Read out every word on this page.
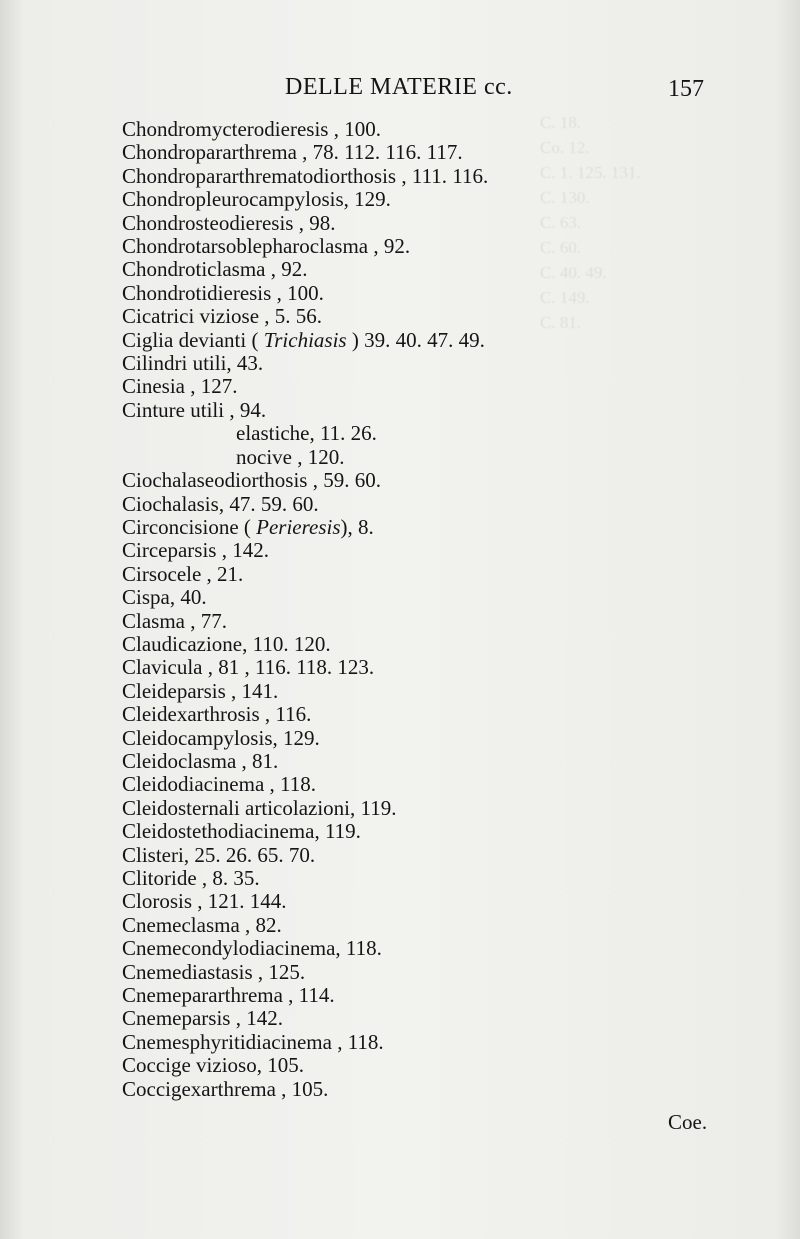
C. 18.
Co. 12.
C. 1. 125. 131.
C. 130.
C. 63.
C. 60.
C. 40. 49.
C. 149.
C. 81.
DELLE MATERIE cc.	157
Chondromyсterodieresis , 100.
Chondropararthrema , 78. 112. 116. 117.
Chondropararthrematodiorthosis , 111. 116.
Chondropleurocampylosis, 129.
Chondrosteodieresis , 98.
Chondrotarsoblepharoclasma , 92.
Chondroticlasma , 92.
Chondrotidieresis , 100.
Cicatrici viziose , 5. 56.
Ciglia devianti ( Trichiasis ) 39. 40. 47. 49.
Cilindri utili, 43.
Cinesia , 127.
Cinture utili , 94.
elastiche, 11. 26.
nocive , 120.
Ciochalaseodiorthosis , 59. 60.
Ciochalasis, 47. 59. 60.
Circoncisione ( Perieresis), 8.
Circeparsis , 142.
Cirsocele , 21.
Cispa, 40.
Clasma , 77.
Claudicazione, 110. 120.
Clavicula , 81 , 116. 118. 123.
Cleideparsis , 141.
Cleidexarthrosis , 116.
Cleidocampylosis, 129.
Cleidoclasma , 81.
Cleidodiacinema , 118.
Cleidosternali articolazioni, 119.
Cleidostethodiacinema, 119.
Clisteri, 25. 26. 65. 70.
Clitoride , 8. 35.
Clorosis , 121. 144.
Cnemeclasma , 82.
Cnemecondylodiacinema, 118.
Cnemediastasis , 125.
Cnemepararthrema , 114.
Cnemeparsis , 142.
Cnemesphyritidiacinema , 118.
Coccige vizioso, 105.
Coccigexarthrema , 105.
Coe.
